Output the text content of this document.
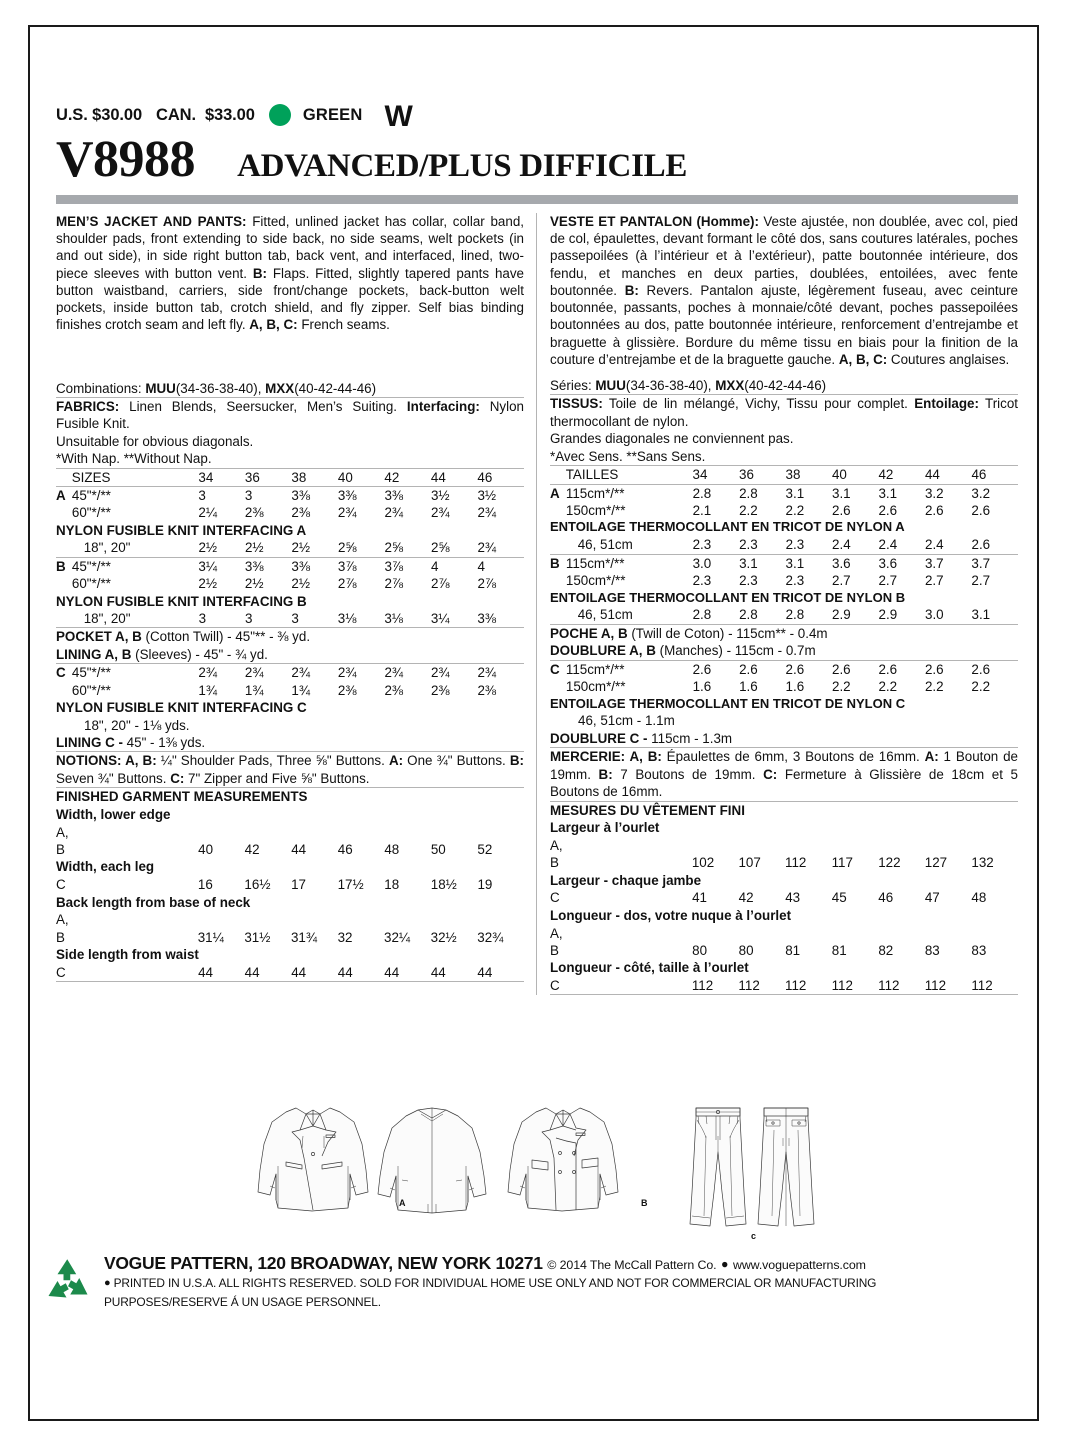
U.S. $30.00 CAN.  $33.00	GREEN W
V8988 ADVANCED/PLUS DIFFICILE
MEN’S JACKET AND PANTS: Fitted, unlined jacket has collar, collar band, shoulder pads, front extending to side back, no side seams, welt pockets (in and out side), in side right button tab, back vent, and interfaced, lined, two-piece sleeves with button vent. B: Flaps. Fitted, slightly tapered pants have button waistband, carriers, side front/change pockets, back-button welt pockets, inside button tab, crotch shield, and fly zipper. Self bias binding finishes crotch seam and left fly. A, B, C: French seams.
Combinations: MUU(34-36-38-40), MXX(40-42-44-46)
FABRICS: Linen Blends, Seersucker, Men’s Suiting. Interfacing: Nylon Fusible Knit.
Unsuitable for obvious diagonals.
*With Nap. **Without Nap.
	SIZES	34	36	38	40	42	44	46
A	45"*/**	3	3	3⅜	3⅜	3⅜	3½	3½
	60"*/**	2¼	2⅜	2⅜	2¾	2¾	2¾	2¾
NYLON FUSIBLE KNIT INTERFACING A
	18", 20"	2½	2½	2½	2⅝	2⅝	2⅝	2¾
B	45"*/**	3¼	3⅜	3⅜	3⅞	3⅞	4	4
	60"*/**	2½	2½	2½	2⅞	2⅞	2⅞	2⅞
NYLON FUSIBLE KNIT INTERFACING B
	18", 20"	3	3	3	3⅛	3⅛	3¼	3⅜
POCKET A, B (Cotton Twill) - 45"** - ⅜ yd.
LINING A, B (Sleeves) - 45" - ¾ yd.
C	45"*/**	2¾	2¾	2¾	2¾	2¾	2¾	2¾
	60"*/**	1¾	1¾	1¾	2⅜	2⅜	2⅜	2⅜
NYLON FUSIBLE KNIT INTERFACING C
18", 20" - 1⅛ yds.
LINING C - 45" - 1⅜ yds.
NOTIONS: A, B: ¼" Shoulder Pads, Three ⅝" Buttons. A: One ¾" Buttons. B: Seven ¾" Buttons. C: 7" Zipper and Five ⅝" Buttons.
FINISHED GARMENT MEASUREMENTS
Width, lower edge
A, B		40	42	44	46	48	50	52
Width, each leg
C		16	16½	17	17½	18	18½	19
Back length from base of neck
A, B		31¼	31½	31¾	32	32¼	32½	32¾
Side length from waist
C		44	44	44	44	44	44	44
VESTE ET PANTALON (Homme): Veste ajustée, non doublée, avec col, pied de col, épaulettes, devant formant le côté dos, sans coutures latérales, poches passepoilées (à l’intérieur et à l’extérieur), patte boutonnée intérieure, dos fendu, et manches en deux parties, doublées, entoilées, avec fente boutonnée. B: Revers. Pantalon ajuste, légèrement fuseau, avec ceinture boutonnée, passants, poches à monnaie/côté devant, poches passepoilées boutonnées au dos, patte boutonnée intérieure, renforcement d’entrejambe et braguette à glissière. Bordure du même tissu en biais pour la finition de la couture d’entrejambe et de la braguette gauche. A, B, C: Coutures anglaises.
Séries: MUU(34-36-38-40), MXX(40-42-44-46)
TISSUS: Toile de lin mélangé, Vichy, Tissu pour complet. Entoilage: Tricot thermocollant de nylon.
Grandes diagonales ne conviennent pas.
*Avec Sens. **Sans Sens.
	TAILLES	34	36	38	40	42	44	46
A	115cm*/**	2.8	2.8	3.1	3.1	3.1	3.2	3.2
	150cm*/**	2.1	2.2	2.2	2.6	2.6	2.6	2.6
ENTOILAGE THERMOCOLLANT EN TRICOT DE NYLON A
	46, 51cm	2.3	2.3	2.3	2.4	2.4	2.4	2.6
B	115cm*/**	3.0	3.1	3.1	3.6	3.6	3.7	3.7
	150cm*/**	2.3	2.3	2.3	2.7	2.7	2.7	2.7
ENTOILAGE THERMOCOLLANT EN TRICOT DE NYLON B
	46, 51cm	2.8	2.8	2.8	2.9	2.9	3.0	3.1
POCHE A, B (Twill de Coton) - 115cm** - 0.4m
DOUBLURE A, B (Manches) - 115cm - 0.7m
C	115cm*/**	2.6	2.6	2.6	2.6	2.6	2.6	2.6
	150cm*/**	1.6	1.6	1.6	2.2	2.2	2.2	2.2
ENTOILAGE THERMOCOLLANT EN TRICOT DE NYLON C
46, 51cm - 1.1m
DOUBLURE C - 115cm - 1.3m
MERCERIE: A, B: Épaulettes de 6mm, 3 Boutons de 16mm. A: 1 Bouton de 19mm. B: 7 Boutons de 19mm. C: Fermeture à Glissière de 18cm et 5 Boutons de 16mm.
MESURES DU VÊTEMENT FINI
Largeur à l’ourlet
A, B		102	107	112	117	122	127	132
Largeur - chaque jambe
C		41	42	43	45	46	47	48
Longueur - dos, votre nuque à l’ourlet
A, B		80	80	81	81	82	83	83
Longueur - côté, taille à l’ourlet
C		112	112	112	112	112	112	112
A	B
c
VOGUE PATTERN, 120 BROADWAY, NEW YORK 10271 © 2014 The McCall Pattern Co. ● www.voguepatterns.com
● PRINTED IN U.S.A. ALL RIGHTS RESERVED. SOLD FOR INDIVIDUAL HOME USE ONLY AND NOT FOR COMMERCIAL OR MANUFACTURING
PURPOSES/RESERVE Á UN USAGE PERSONNEL.
